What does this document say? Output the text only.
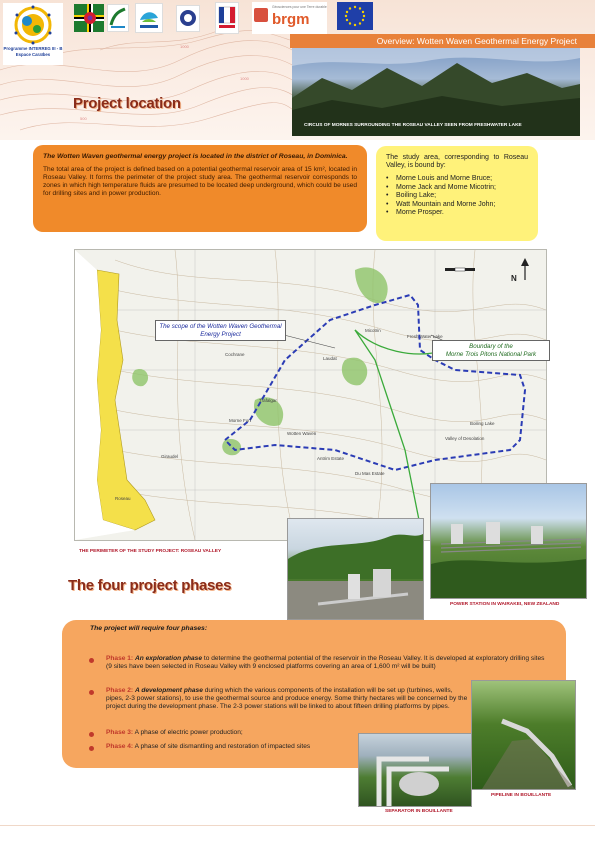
1000
1000
500
Programme INTERREG III - B
Espace Caraïbes
Géosciences pour une Terre durable
brgm
Overview: Wotten Waven Geothermal Energy Project
CIRCUS OF MORNES SURROUNDING THE ROSEAU VALLEY SEEN FROM FRESHWATER LAKE
Project location

The Wotten Waven geothermal energy project is located in the district of Roseau, in Dominica.

The total area of the project is defined based on a potential geothermal reservoir area of 15 km², located in Roseau Valley. It forms the perimeter of the project study area. The geothermal reservoir corresponds to zones in which high temperature fluids are presumed to be located deep underground, which could be used for drilling sites and in power production.

The study area, corresponding to Roseau Valley, is bound by:

• Morne Louis and Morne Bruce;
• Morne Jack and Morne Micotrin;
• Boiling Lake;
• Watt Mountain and Morne John;
• Morne Prosper.
Micotrin
Fresh Water Lake
Cochrane
Trafalgar
Laudat
Wotten Waven
Boiling Lake
Valley of Desolation
Roseau
Du Mas Estate
Antrim Estate
Giraudel
Morne Fort
N
The scope of the Wotten Waven Geothermal Energy Project
Boundary of the
Morne Trois Pitons National Park
THE PERIMETER OF THE STUDY PROJECT: ROSEAU VALLEY
POWER STATION IN WAIRAKEI, NEW ZEALAND
The four project phases
The project will require four phases:
Phase 1: An exploration phase to determine the geothermal potential of the reservoir in the Roseau Valley. It is developed at exploratory drilling sites (9 sites have been selected in Roseau Valley with 9 enclosed platforms covering an area of 1,600 m² will be built)
Phase 2: A development phase during which the various components of the installation will be set up (turbines, wells, pipes, 2-3 power stations), to use the geothermal source and produce energy. Some thirty hectares will be concerned by the project during the development phase. The 2-3 power stations will be linked to about fifteen drilling platforms by pipes.
Phase 3: A phase of electric power production;
Phase 4: A phase of site dismantling and restoration of impacted sites
PIPELINE IN BOUILLANTE
SEPARATOR IN BOUILLANTE
